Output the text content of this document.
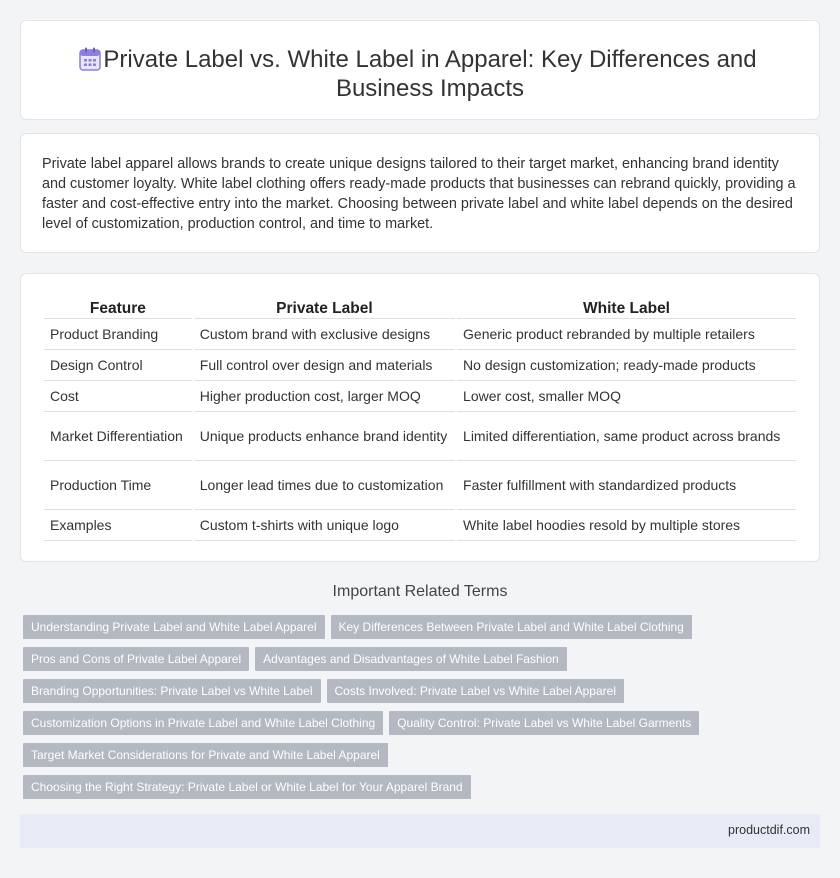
Private Label vs. White Label in Apparel: Key Differences and Business Impacts

Private label apparel allows brands to create unique designs tailored to their target market, enhancing brand identity and customer loyalty. White label clothing offers ready-made products that businesses can rebrand quickly, providing a faster and cost-effective entry into the market. Choosing between private label and white label depends on the desired level of customization, production control, and time to market.

Feature	Private Label	White Label
Product Branding	Custom brand with exclusive designs	Generic product rebranded by multiple retailers
Design Control	Full control over design and materials	No design customization; ready-made products
Cost	Higher production cost, larger MOQ	Lower cost, smaller MOQ
Market Differentiation	Unique products enhance brand identity	Limited differentiation, same product across brands
Production Time	Longer lead times due to customization	Faster fulfillment with standardized products
Examples	Custom t-shirts with unique logo	White label hoodies resold by multiple stores
Important Related Terms
Understanding Private Label and White Label Apparel	Key Differences Between Private Label and White Label Clothing
Pros and Cons of Private Label Apparel	Advantages and Disadvantages of White Label Fashion
Branding Opportunities: Private Label vs White Label	Costs Involved: Private Label vs White Label Apparel
Customization Options in Private Label and White Label Clothing	Quality Control: Private Label vs White Label Garments
Target Market Considerations for Private and White Label Apparel
Choosing the Right Strategy: Private Label or White Label for Your Apparel Brand
productdif.com
